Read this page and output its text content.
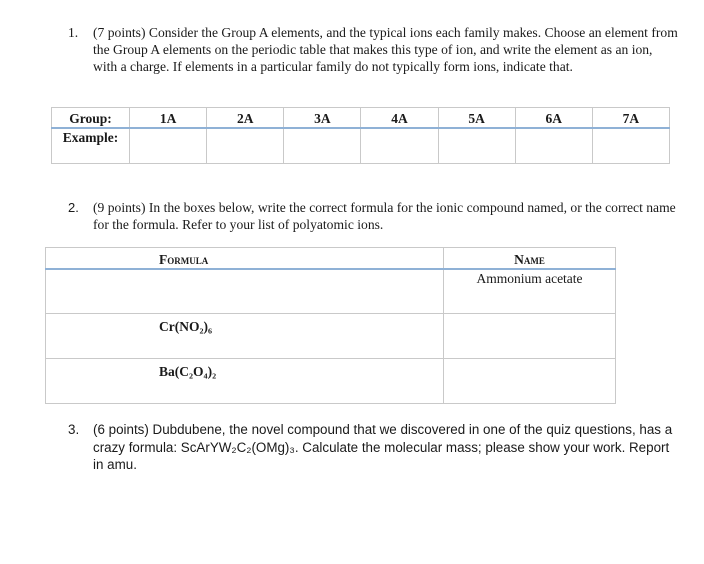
1. (7 points) Consider the Group A elements, and the typical ions each family makes. Choose an element from the Group A elements on the periodic table that makes this type of ion, and write the element as an ion, with a charge. If elements in a particular family do not typically form ions, indicate that.
Group:	1A	2A	3A	4A	5A	6A	7A
Example:							
2. (9 points) In the boxes below, write the correct formula for the ionic compound named, or the correct name for the formula. Refer to your list of polyatomic ions.
Formula	Name
	Ammonium acetate
Cr(NO₂)₆	
Ba(C₂O₄)₂	
3. (6 points) Dubdubene, the novel compound that we discovered in one of the quiz questions, has a crazy formula: ScArYW₂C₂(OMg)₃. Calculate the molecular mass; please show your work. Report in amu.
